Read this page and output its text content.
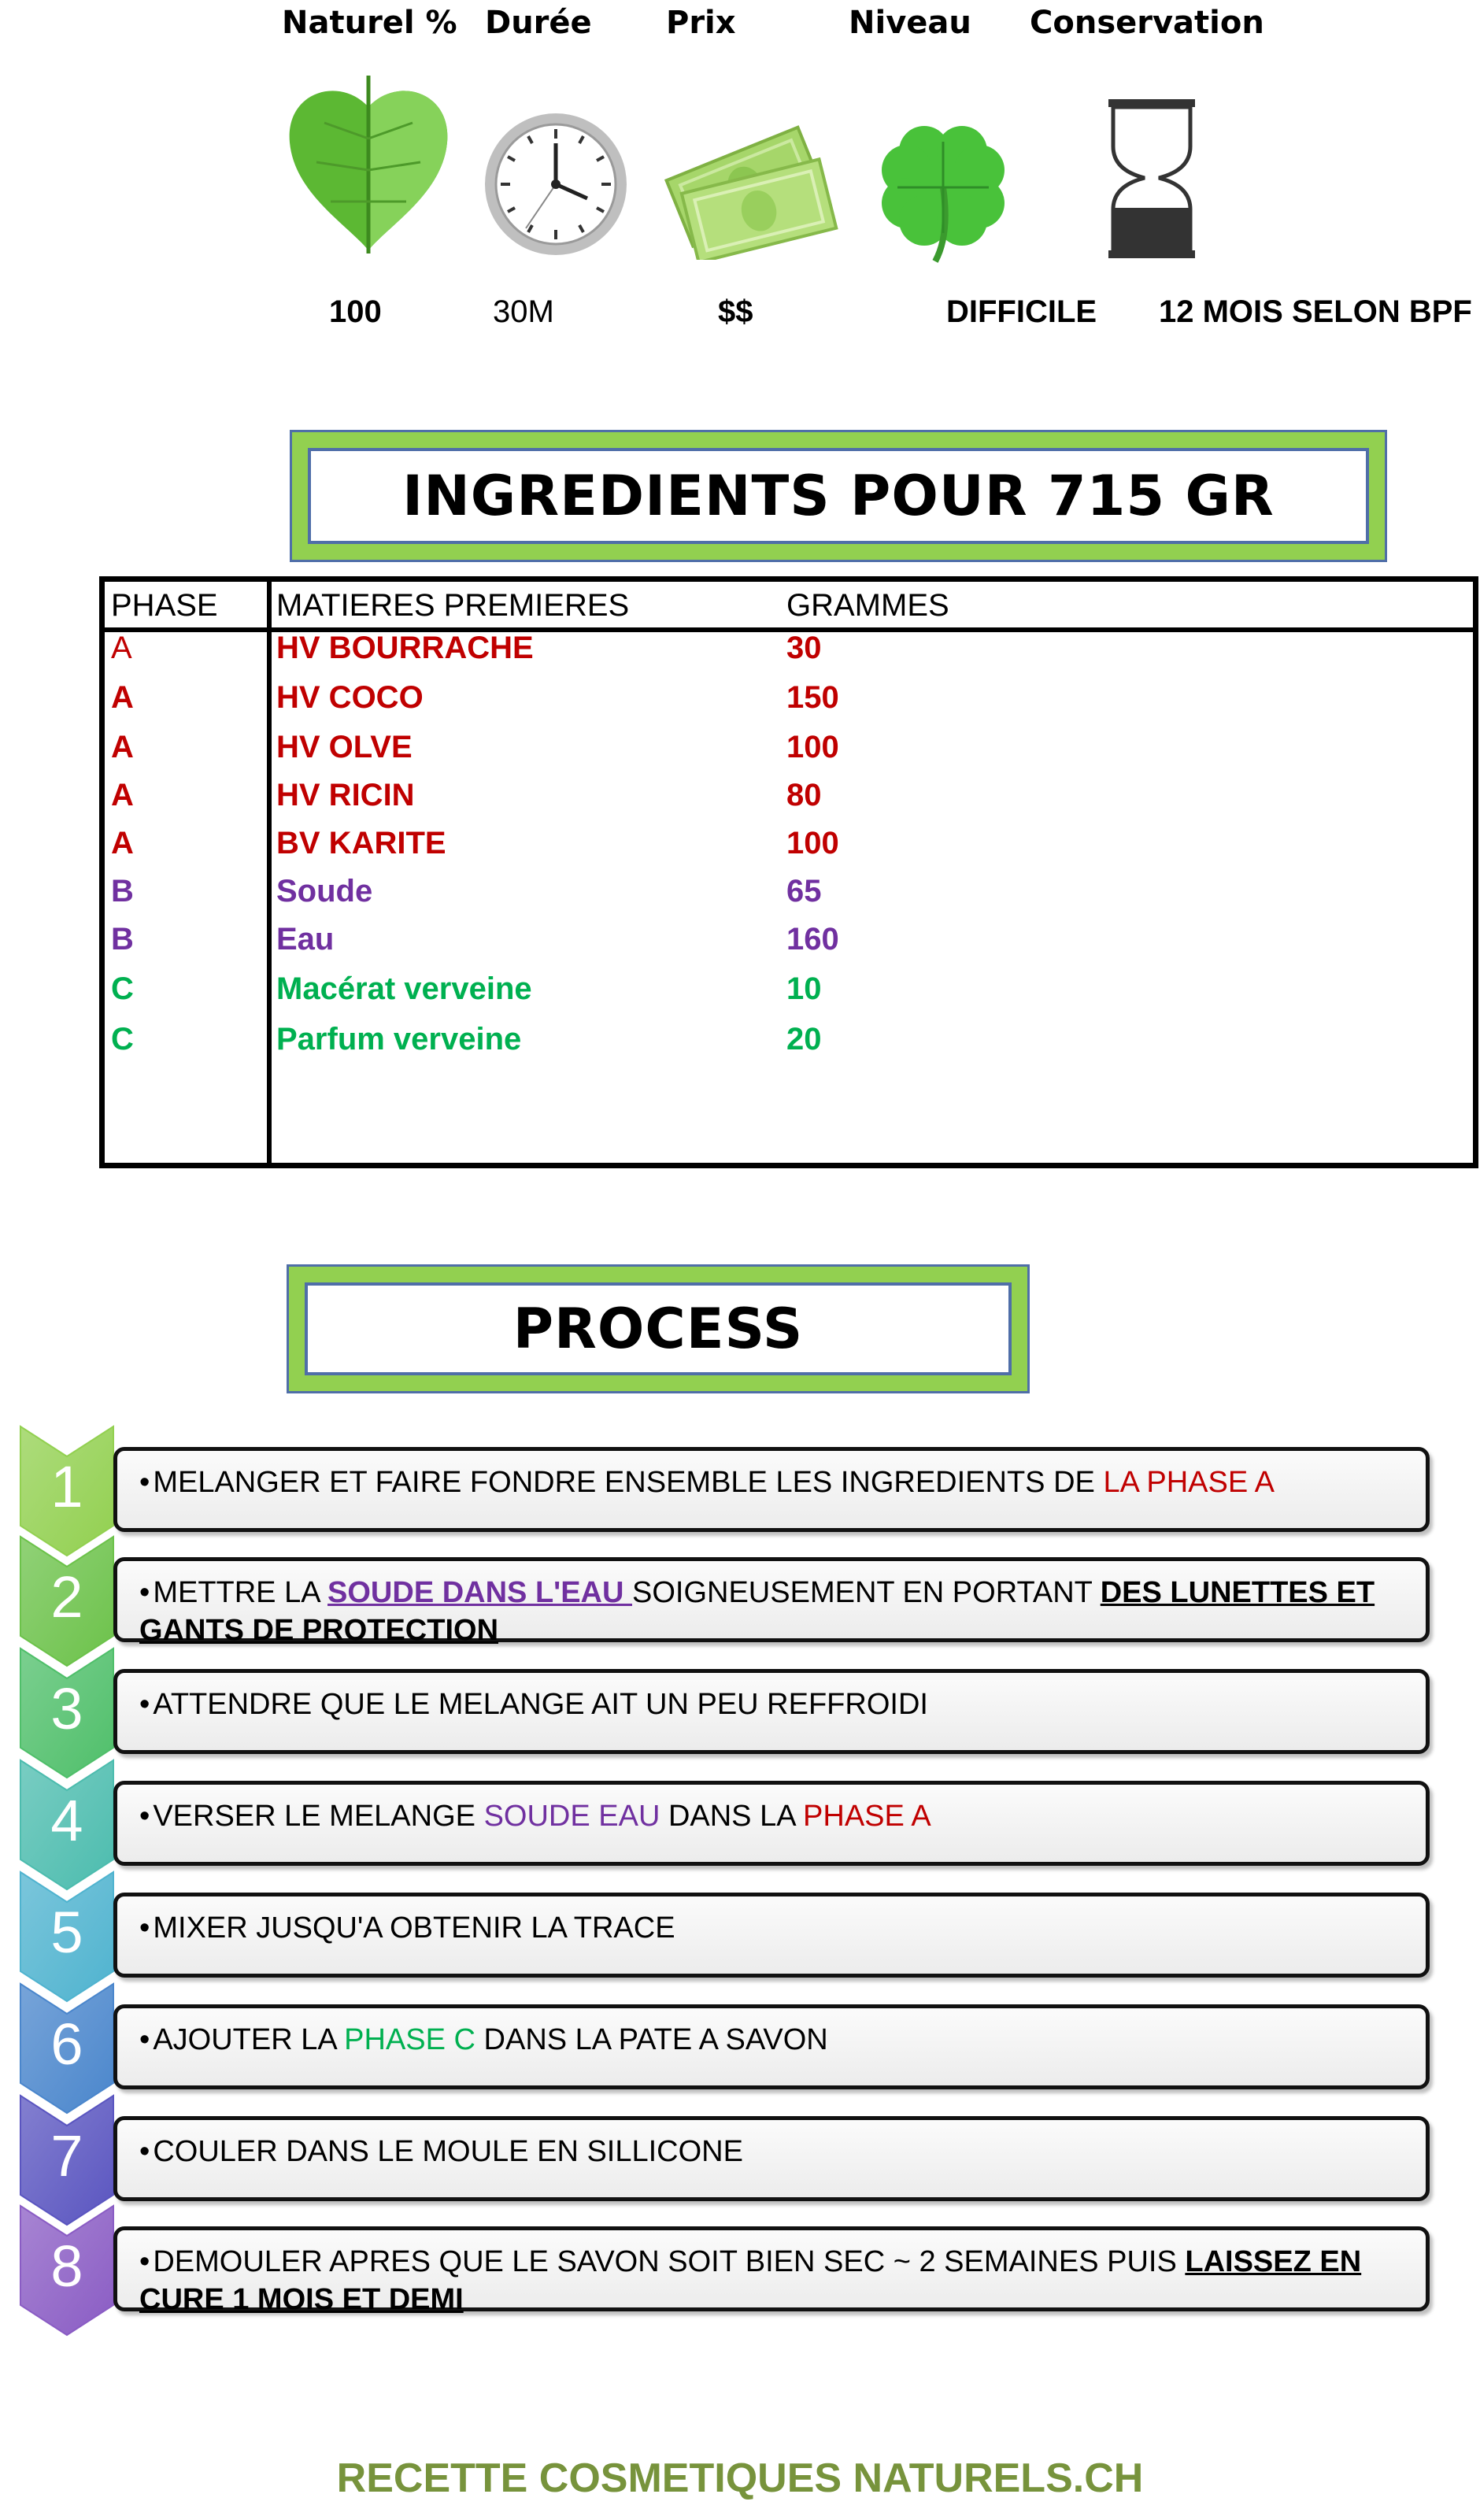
Naturel % Durée Prix	Niveau Conservation
100	30M	$$	DIFFICILE 12 MOIS SELON BPF
INGREDIENTS POUR 715 GR
PHASE MATIERES PREMIERES	GRAMMES
A	HV BOURRACHE	30
A	HV COCO	150
A	HV OLVE	100
A	HV RICIN	80
A	BV KARITE	100
B	Soude	65
B	Eau	160
C	Macérat verveine	10
C	Parfum verveine	20
PROCESS
1	• MELANGER ET FAIRE FONDRE ENSEMBLE LES INGREDIENTS DE LA PHASE A
2	• METTRE LA SOUDE DANS L'EAU SOIGNEUSEMENT EN PORTANT DES LUNETTES ET GANTS DE PROTECTION
3	• ATTENDRE QUE LE MELANGE AIT UN PEU REFFROIDI
4	• VERSER LE MELANGE SOUDE EAU DANS LA PHASE A
5	• MIXER JUSQU'A OBTENIR LA TRACE
6	• AJOUTER LA PHASE C DANS LA PATE A SAVON
7	• COULER DANS LE MOULE EN SILLICONE
8	• DEMOULER APRES QUE LE SAVON SOIT BIEN SEC ~ 2 SEMAINES PUIS LAISSEZ EN CURE 1 MOIS ET DEMI
RECETTE COSMETIQUES NATURELS.CH
